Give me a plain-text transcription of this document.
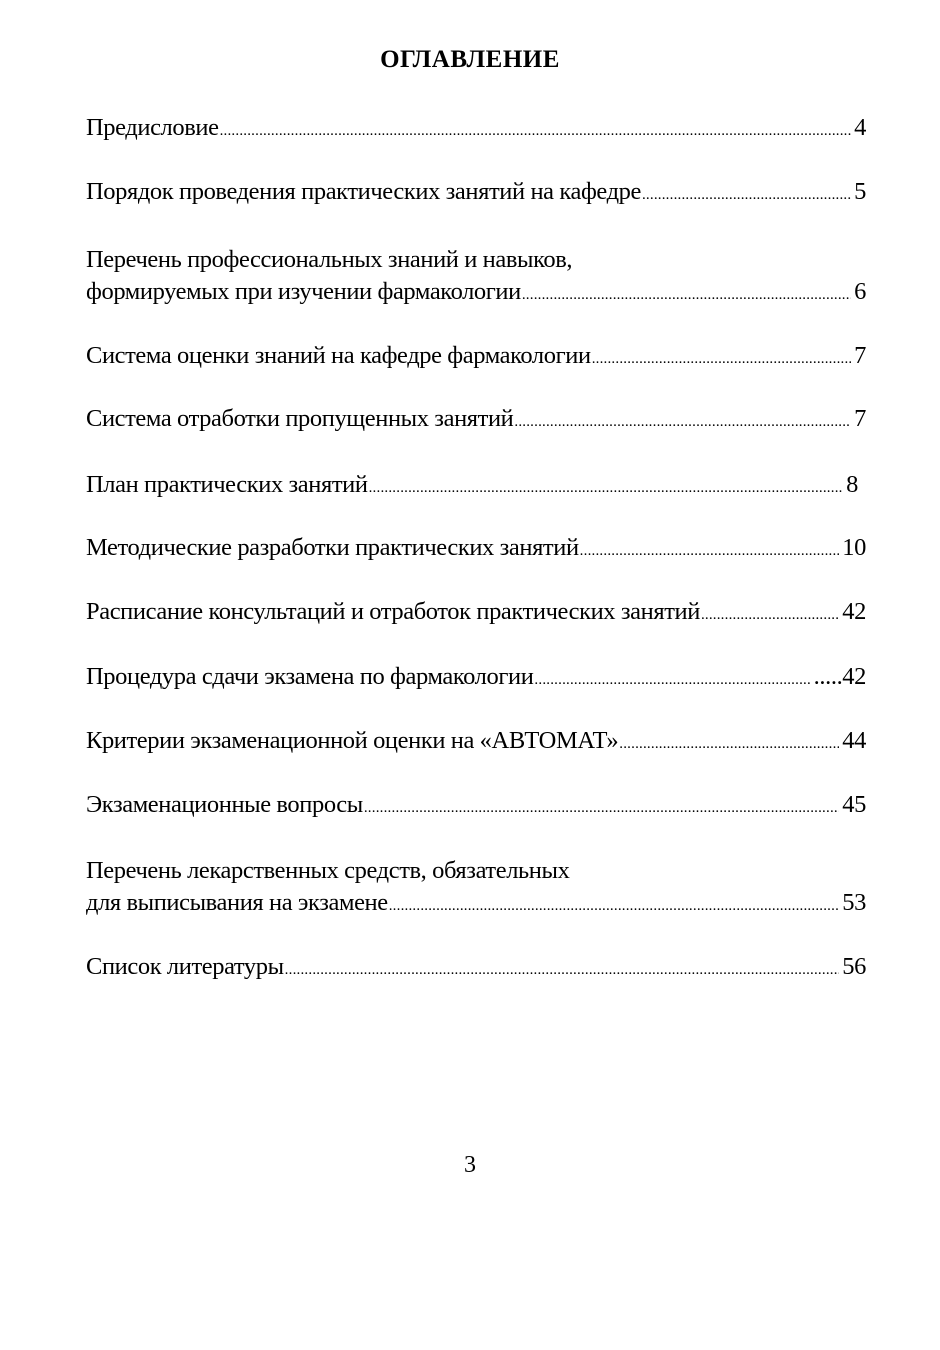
ОГЛАВЛЕНИЕ
Предисловие .....	4
Порядок проведения практических занятий на кафедре .....	5
Перечень профессиональных знаний и навыков,
формируемых при изучении фармакологии .....	6
Система оценки знаний на кафедре фармакологии .....	7
Система отработки пропущенных занятий .....	7
План практических занятий .....	8
Методические разработки практических занятий .....	10
Расписание консультаций и отработок практических занятий .....	42
Процедура сдачи экзамена по фармакологии .....	.....42
Критерии экзаменационной оценки на «АВТОМАТ» .....	44
Экзаменационные вопросы .....	45
Перечень лекарственных средств, обязательных
для выписывания на экзамене .....	53
Список литературы .....	56
3
